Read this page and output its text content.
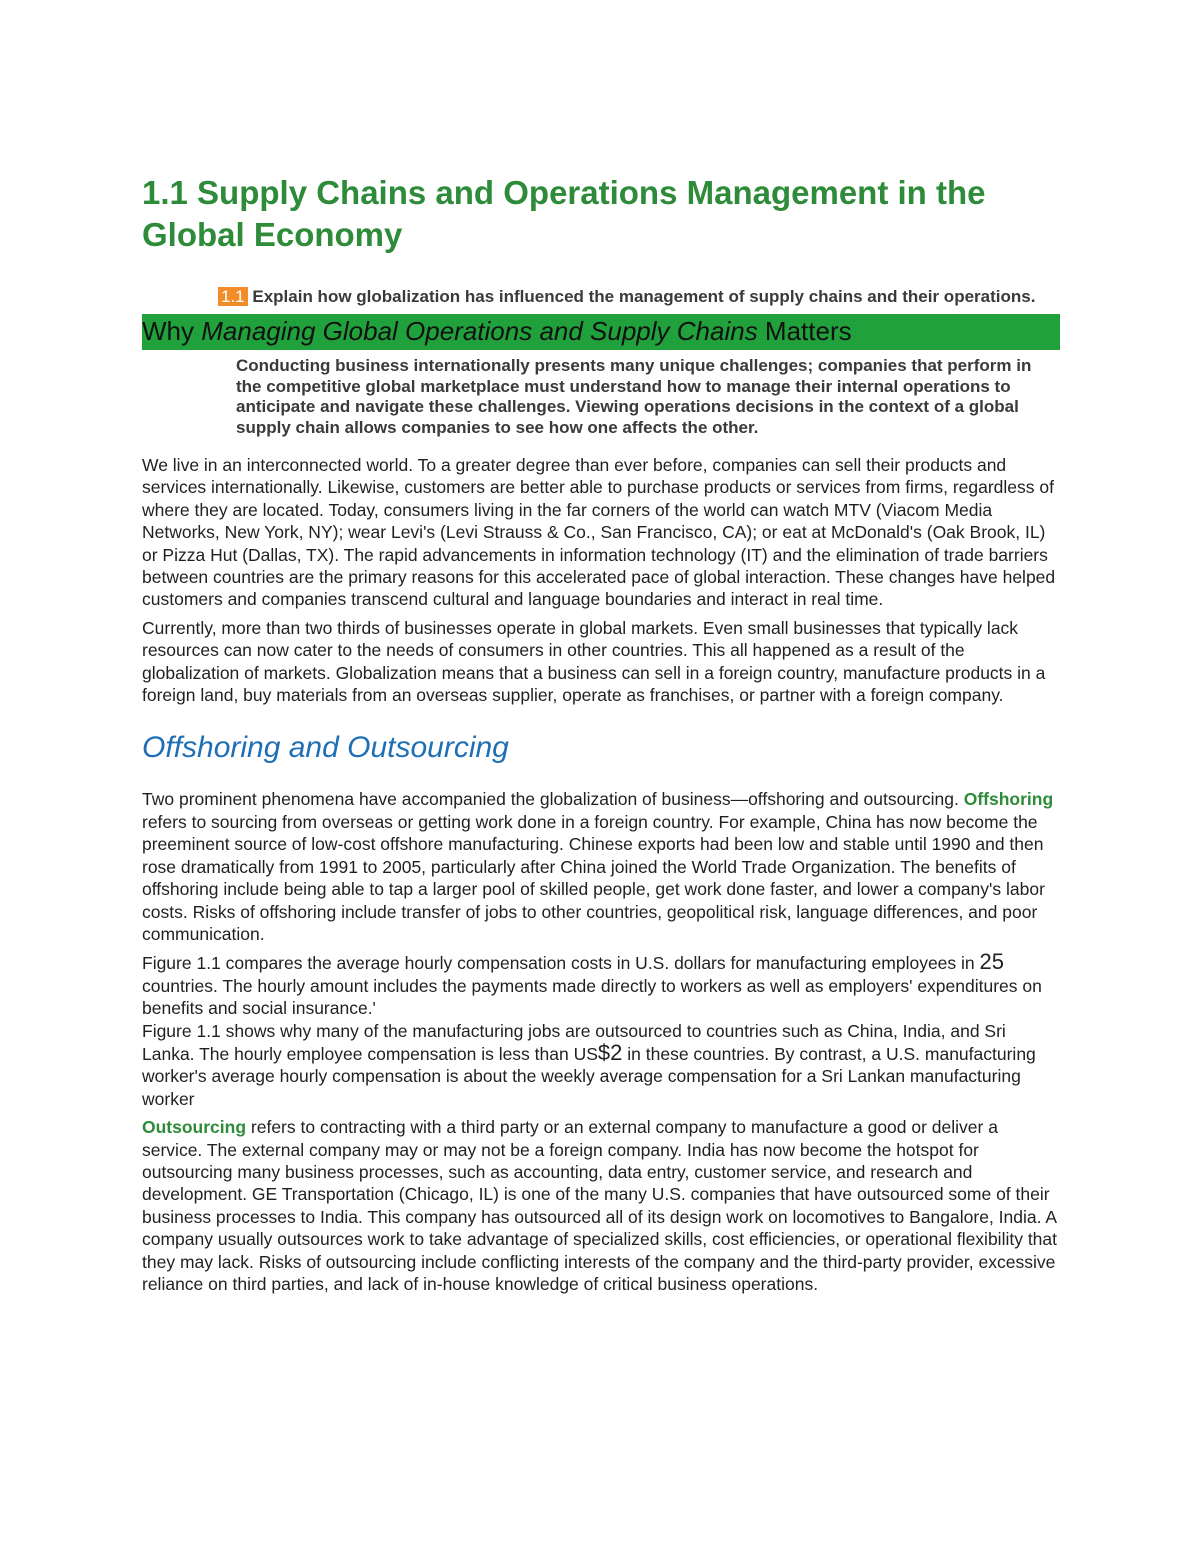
1.1 Supply Chains and Operations Management in the Global Economy
1.1 Explain how globalization has influenced the management of supply chains and their operations.
Why Managing Global Operations and Supply Chains Matters

Conducting business internationally presents many unique challenges; companies that perform in the competitive global marketplace must understand how to manage their internal operations to anticipate and navigate these challenges. Viewing operations decisions in the context of a global supply chain allows companies to see how one affects the other.

We live in an interconnected world. To a greater degree than ever before, companies can sell their products and services internationally. Likewise, customers are better able to purchase products or services from firms, regardless of where they are located. Today, consumers living in the far corners of the world can watch MTV (Viacom Media Networks, New York, NY); wear Levi's (Levi Strauss & Co., San Francisco, CA); or eat at McDonald's (Oak Brook, IL) or Pizza Hut (Dallas, TX). The rapid advancements in information technology (IT) and the elimination of trade barriers between countries are the primary reasons for this accelerated pace of global interaction. These changes have helped customers and companies transcend cultural and language boundaries and interact in real time.

Currently, more than two thirds of businesses operate in global markets. Even small businesses that typically lack resources can now cater to the needs of consumers in other countries. This all happened as a result of the globalization of markets. Globalization means that a business can sell in a foreign country, manufacture products in a foreign land, buy materials from an overseas supplier, operate as franchises, or partner with a foreign company.

Offshoring and Outsourcing

Two prominent phenomena have accompanied the globalization of business—offshoring and outsourcing. Offshoring refers to sourcing from overseas or getting work done in a foreign country. For example, China has now become the preeminent source of low-cost offshore manufacturing. Chinese exports had been low and stable until 1990 and then rose dramatically from 1991 to 2005, particularly after China joined the World Trade Organization. The benefits of offshoring include being able to tap a larger pool of skilled people, get work done faster, and lower a company's labor costs. Risks of offshoring include transfer of jobs to other countries, geopolitical risk, language differences, and poor communication.

Figure 1.1 compares the average hourly compensation costs in U.S. dollars for manufacturing employees in 25 countries. The hourly amount includes the payments made directly to workers as well as employers' expenditures on benefits and social insurance.'

Figure 1.1 shows why many of the manufacturing jobs are outsourced to countries such as China, India, and Sri Lanka. The hourly employee compensation is less than US$2 in these countries. By contrast, a U.S. manufacturing worker's average hourly compensation is about the weekly average compensation for a Sri Lankan manufacturing worker

Outsourcing refers to contracting with a third party or an external company to manufacture a good or deliver a service. The external company may or may not be a foreign company. India has now become the hotspot for outsourcing many business processes, such as accounting, data entry, customer service, and research and development. GE Transportation (Chicago, IL) is one of the many U.S. companies that have outsourced some of their business processes to India. This company has outsourced all of its design work on locomotives to Bangalore, India. A company usually outsources work to take advantage of specialized skills, cost efficiencies, or operational flexibility that they may lack. Risks of outsourcing include conflicting interests of the company and the third-party provider, excessive reliance on third parties, and lack of in-house knowledge of critical business operations.
